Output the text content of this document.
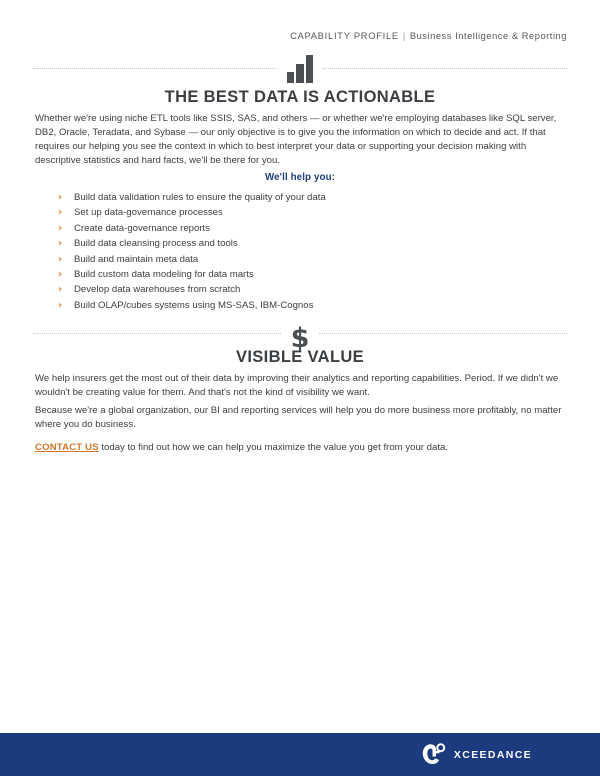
CAPABILITY PROFILE | Business Intelligence & Reporting
THE BEST DATA IS ACTIONABLE
Whether we're using niche ETL tools like SSIS, SAS, and others — or whether we're employing databases like SQL server, DB2, Oracle, Teradata, and Sybase — our only objective is to give you the information on which to decide and act. If that requires our helping you see the context in which to best interpret your data or supporting your decision making with descriptive statistics and hard facts, we'll be there for you.
We'll help you:
›	Build data validation rules to ensure the quality of your data
›	Set up data-governance processes
›	Create data-governance reports
›	Build data cleansing process and tools
›	Build and maintain meta data
›	Build custom data modeling for data marts
›	Develop data warehouses from scratch
›	Build OLAP/cubes systems using MS-SAS, IBM-Cognos
$
VISIBLE VALUE
We help insurers get the most out of their data by improving their analytics and reporting capabilities. Period. If we didn't we wouldn't be creating value for them. And that's not the kind of visibility we want.
Because we're a global organization, our BI and reporting services will help you do more business more profitably, no matter where you do business.
CONTACT US today to find out how we can help you maximize the value you get from your data.
XCEEDANCE
